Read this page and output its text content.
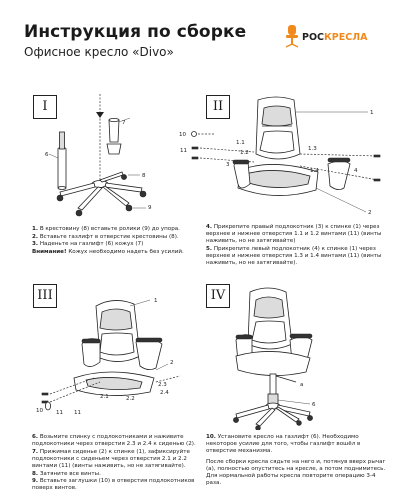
Инструкция по сборке
Офисное кресло «Divo»
РОСКРЕСЛА
I
7
6
8
9
1. В крестовину (8) вставьте ролики (9) до упора.
2. Вставьте газлифт в отверстие крестовины (8).
3. Наденьте на газлифт (6) кожух (7)
Внимание! Кожух необходимо надеть без усилий.
II
11
10
1.1
1.2
1.3
1.4
3
4
2
1
4. Прикрепите правый подлокотник (3) к спинке (1) через верхнее и нижнее отверстия 1.1 и 1.2 винтами (11) (винты наживить, но не затягивайте)
5. Прикрепите левый подлокотник (4) к спинке (1) через верхнее и нижнее отверстия 1.3 и 1.4 винтами (11) (винты наживить, но не затягивайте).
III	1
2
2.1	2.2
2.3
2.4
10 11 11
6. Возьмите спинку с подлокотниками и наживите подлокотники через отверстия 2.3 и 2.4 к сиденью (2).
7. Прижимая сиденье (2) к спинке (1), зафиксируйте подлокотники с сиденьем через отверстия 2.1 и 2.2 винтами (11) (винты наживить, но не затягивайте).
8. Затяните все винты.
9. Вставьте заглушки (10) в отверстия подлокотников поверх винтов.
IV
6
a
10. Установите кресло на газлифт (6). Необходимо некоторое усилие для того, чтобы газлифт вошёл в отверстие механизма.
После сборки кресла сядьте на него и, потянув вверх рычаг (а), полностью опуститесь на кресле, а потом поднимитесь. Для нормальной работы кресла повторите операцию 3-4 раза.
